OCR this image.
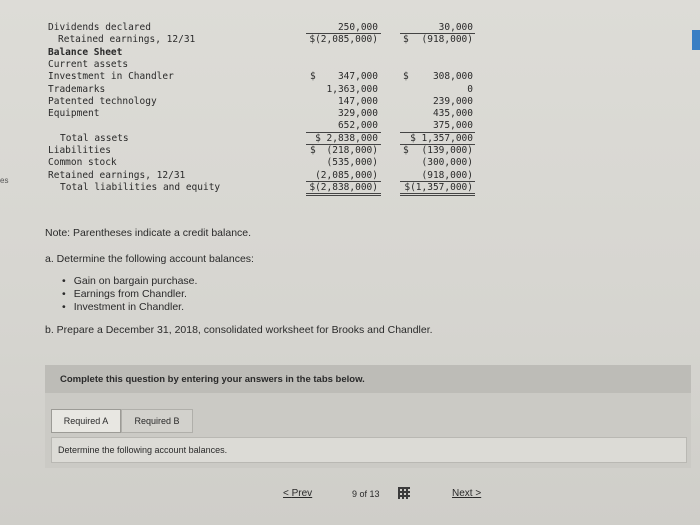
es
Dividends declared	250,000	30,000
Retained earnings, 12/31	$(2,085,000)	$	(918,000)
Balance Sheet
Current assets
Investment in Chandler	$	347,000	$	308,000
Trademarks	1,363,000	0
Patented technology	147,000	239,000
Equipment	329,000	435,000
652,000	375,000
Total assets	$ 2,838,000	$ 1,357,000
Liabilities	$	(218,000)	$	(139,000)
Common stock	(535,000)	(300,000)
Retained earnings, 12/31	(2,085,000)	(918,000)
Total liabilities and equity	$(2,838,000)	$(1,357,000)
Note: Parentheses indicate a credit balance.
a. Determine the following account balances:
• Gain on bargain purchase.
• Earnings from Chandler.
• Investment in Chandler.
b. Prepare a December 31, 2018, consolidated worksheet for Brooks and Chandler.
Complete this question by entering your answers in the tabs below.
Required A	Required B
Determine the following account balances.
< Prev	9 of 13	Next >
